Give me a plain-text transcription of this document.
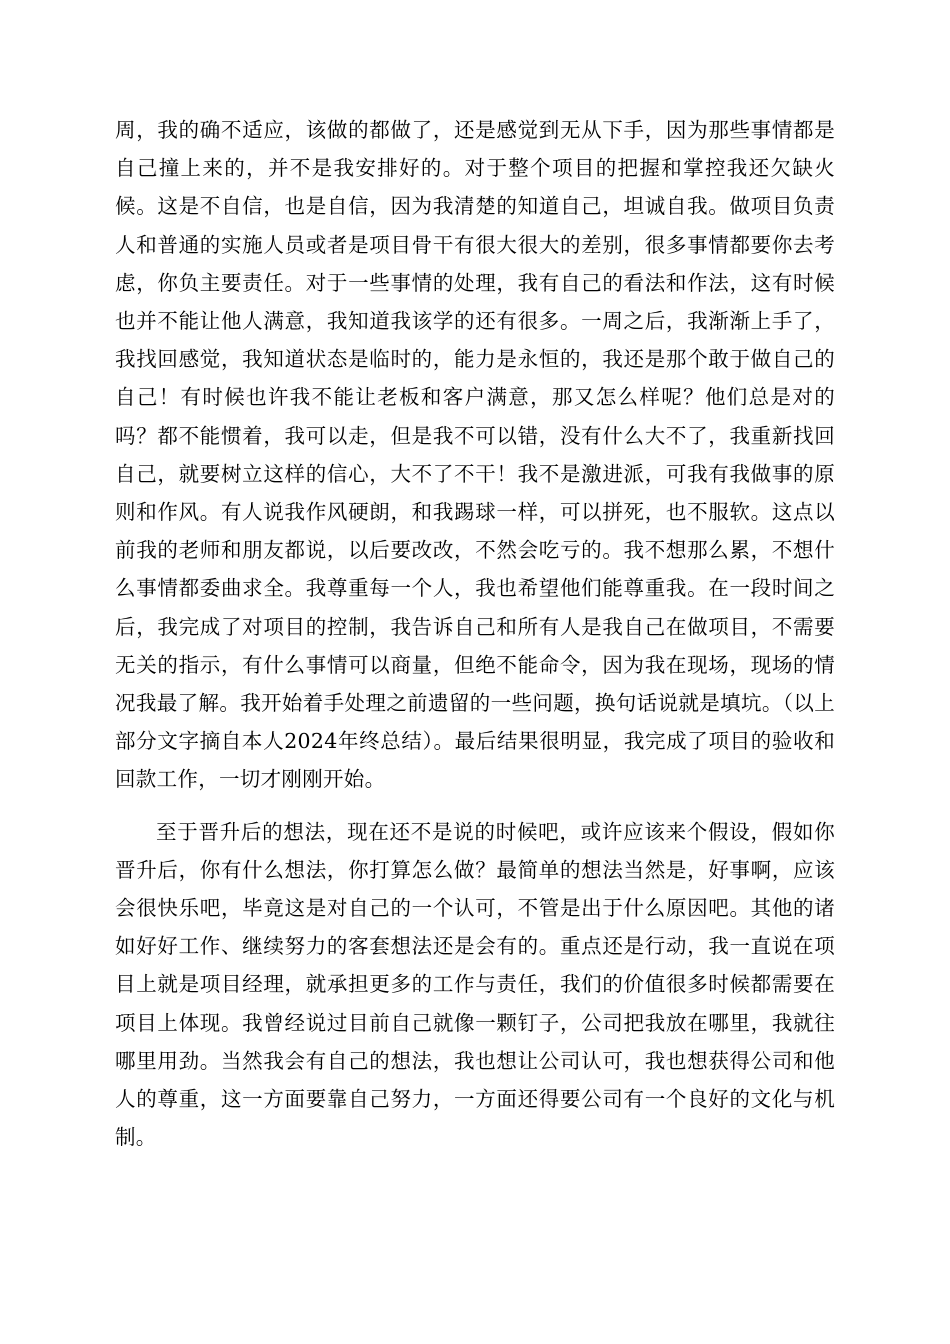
周，我的确不适应，该做的都做了，还是感觉到无从下手，因为那些事情都是自己撞上来的，并不是我安排好的。对于整个项目的把握和掌控我还欠缺火候。这是不自信，也是自信，因为我清楚的知道自己，坦诚自我。做项目负责人和普通的实施人员或者是项目骨干有很大很大的差别，很多事情都要你去考虑，你负主要责任。对于一些事情的处理，我有自己的看法和作法，这有时候也并不能让他人满意，我知道我该学的还有很多。一周之后，我渐渐上手了，我找回感觉，我知道状态是临时的，能力是永恒的，我还是那个敢于做自己的自己！有时候也许我不能让老板和客户满意，那又怎么样呢？他们总是对的吗？都不能惯着，我可以走，但是我不可以错，没有什么大不了，我重新找回自己，就要树立这样的信心，大不了不干！我不是激进派，可我有我做事的原则和作风。有人说我作风硬朗，和我踢球一样，可以拼死，也不服软。这点以前我的老师和朋友都说，以后要改改，不然会吃亏的。我不想那么累，不想什么事情都委曲求全。我尊重每一个人，我也希望他们能尊重我。在一段时间之后，我完成了对项目的控制，我告诉自己和所有人是我自己在做项目，不需要无关的指示，有什么事情可以商量，但绝不能命令，因为我在现场，现场的情况我最了解。我开始着手处理之前遗留的一些问题，换句话说就是填坑。（以上部分文字摘自本人2024年终总结）。最后结果很明显，我完成了项目的验收和回款工作，一切才刚刚开始。

至于晋升后的想法，现在还不是说的时候吧，或许应该来个假设，假如你晋升后，你有什么想法，你打算怎么做？最简单的想法当然是，好事啊，应该会很快乐吧，毕竟这是对自己的一个认可，不管是出于什么原因吧。其他的诸如好好工作、继续努力的客套想法还是会有的。重点还是行动，我一直说在项目上就是项目经理，就承担更多的工作与责任，我们的价值很多时候都需要在项目上体现。我曾经说过目前自己就像一颗钉子，公司把我放在哪里，我就往哪里用劲。当然我会有自己的想法，我也想让公司认可，我也想获得公司和他人的尊重，这一方面要靠自己努力，一方面还得要公司有一个良好的文化与机制。
